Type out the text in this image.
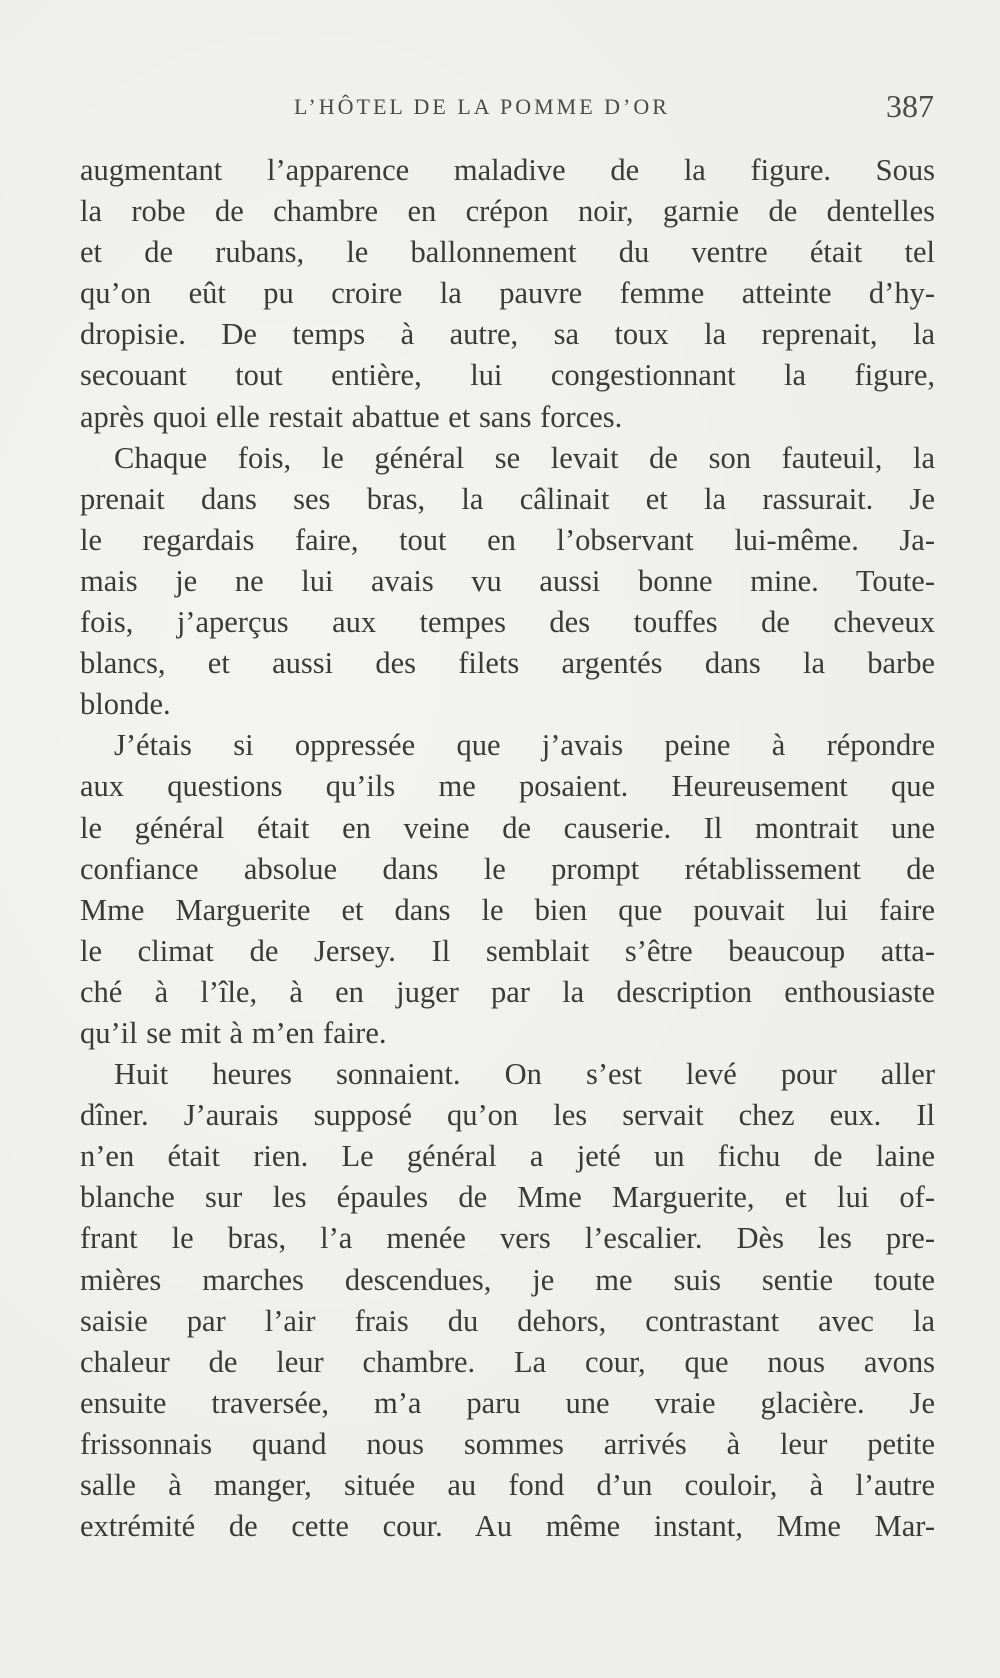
L’HÔTEL DE LA POMME D’OR	387
augmentant l’apparence maladive de la figure. Sous
la robe de chambre en crépon noir, garnie de dentelles
et de rubans, le ballonnement du ventre était tel
qu’on eût pu croire la pauvre femme atteinte d’hy-
dropisie. De temps à autre, sa toux la reprenait, la
secouant tout entière, lui congestionnant la figure,
après quoi elle restait abattue et sans forces.
Chaque fois, le général se levait de son fauteuil, la
prenait dans ses bras, la câlinait et la rassurait. Je
le regardais faire, tout en l’observant lui-même. Ja-
mais je ne lui avais vu aussi bonne mine. Toute-
fois, j’aperçus aux tempes des touffes de cheveux
blancs, et aussi des filets argentés dans la barbe
blonde.
J’étais si oppressée que j’avais peine à répondre
aux questions qu’ils me posaient. Heureusement que
le général était en veine de causerie. Il montrait une
confiance absolue dans le prompt rétablissement de
Mme Marguerite et dans le bien que pouvait lui faire
le climat de Jersey. Il semblait s’être beaucoup atta-
ché à l’île, à en juger par la description enthousiaste
qu’il se mit à m’en faire.
Huit heures sonnaient. On s’est levé pour aller
dîner. J’aurais supposé qu’on les servait chez eux. Il
n’en était rien. Le général a jeté un fichu de laine
blanche sur les épaules de Mme Marguerite, et lui of-
frant le bras, l’a menée vers l’escalier. Dès les pre-
mières marches descendues, je me suis sentie toute
saisie par l’air frais du dehors, contrastant avec la
chaleur de leur chambre. La cour, que nous avons
ensuite traversée, m’a paru une vraie glacière. Je
frissonnais quand nous sommes arrivés à leur petite
salle à manger, située au fond d’un couloir, à l’autre
extrémité de cette cour. Au même instant, Mme Mar-
